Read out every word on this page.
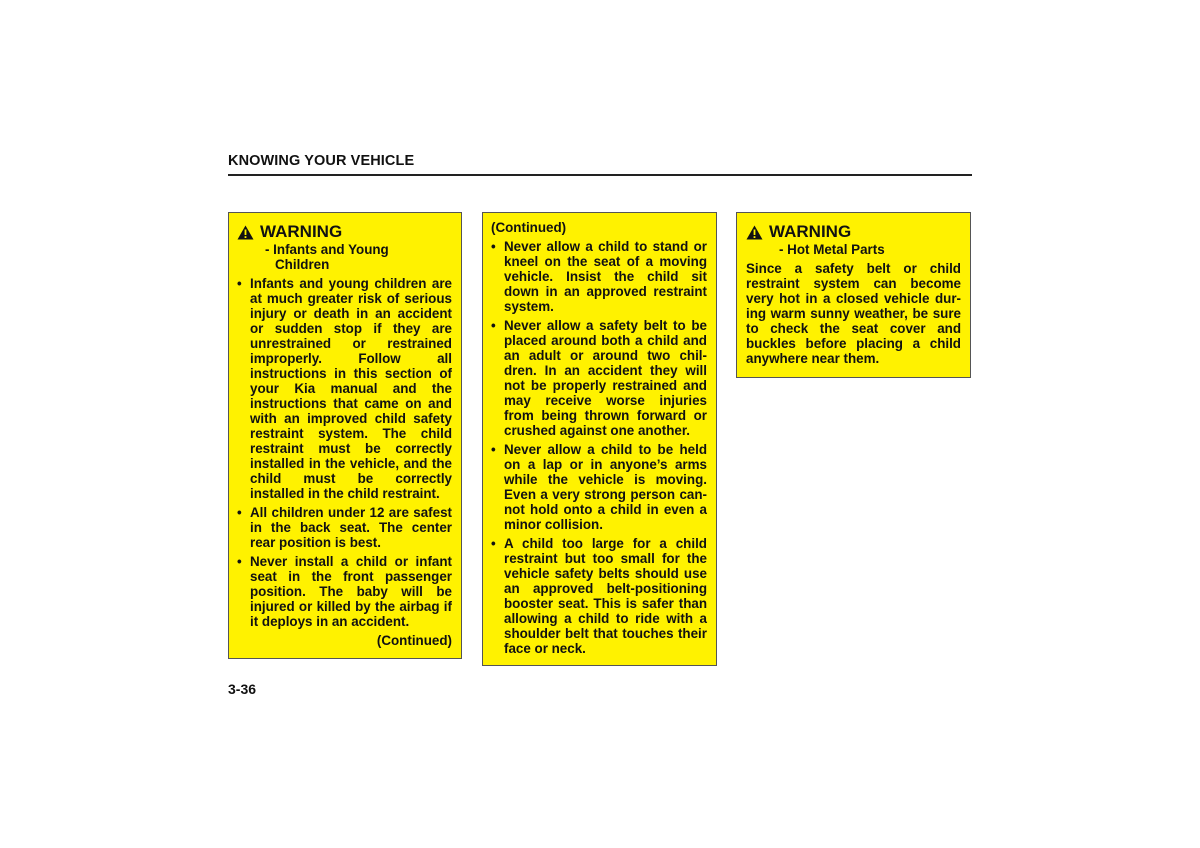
KNOWING YOUR VEHICLE
WARNING
- Infants and Young
Children
• Infants and young children are at much greater risk of serious injury or death in an accident or sudden stop if they are unrestrained or restrained improperly. Follow all instructions in this section of your Kia manual and the instructions that came on and with an improved child safety restraint system. The child restraint must be correctly installed in the vehicle, and the child must be correctly installed in the child restraint.
• All children under 12 are safest in the back seat. The center rear position is best.
• Never install a child or infant seat in the front passenger position. The baby will be injured or killed by the airbag if it deploys in an accident.
(Continued)
(Continued)
• Never allow a child to stand or kneel on the seat of a moving vehicle. Insist the child sit down in an approved restraint system.
• Never allow a safety belt to be placed around both a child and an adult or around two chil-dren. In an accident they will not be properly restrained and may receive worse injuries from being thrown forward or crushed against one another.
• Never allow a child to be held on a lap or in anyone’s arms while the vehicle is moving. Even a very strong person can-not hold onto a child in even a minor collision.
• A child too large for a child restraint but too small for the vehicle safety belts should use an approved belt-positioning booster seat. This is safer than allowing a child to ride with a shoulder belt that touches their face or neck.
WARNING
- Hot Metal Parts
Since a safety belt or child restraint system can become very hot in a closed vehicle dur-ing warm sunny weather, be sure to check the seat cover and buckles before placing a child anywhere near them.
3-36
